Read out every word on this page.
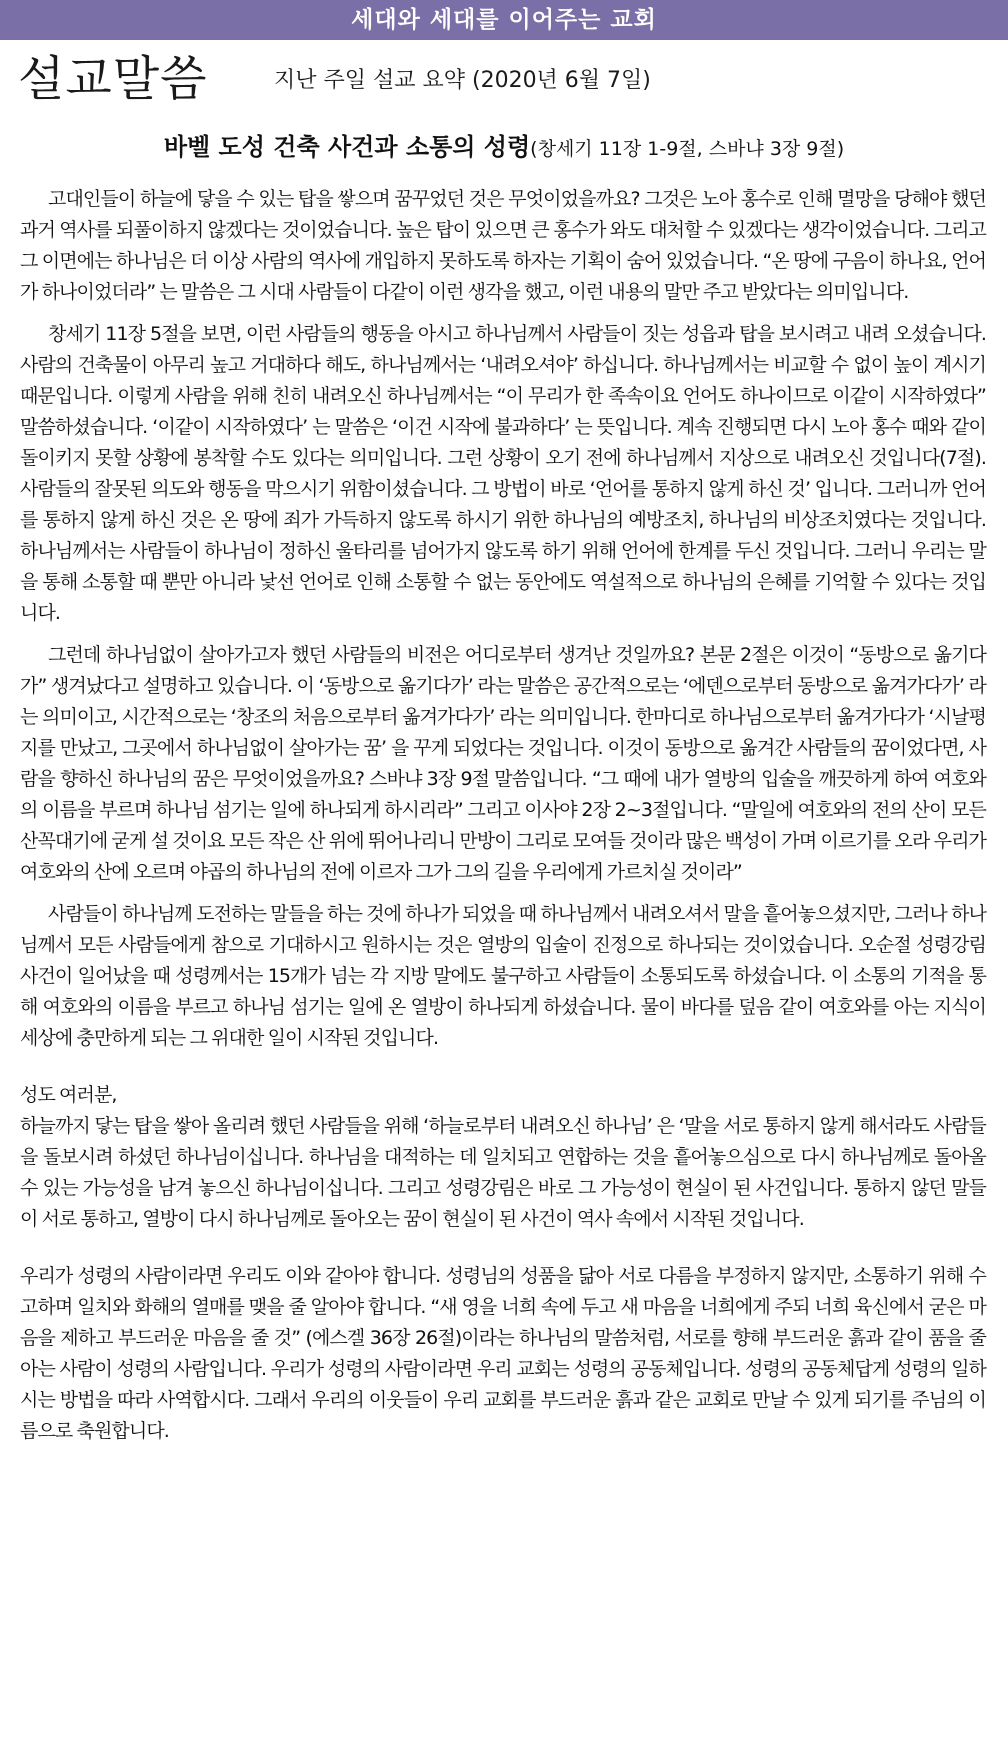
세대와 세대를 이어주는 교회
설교말씀	지난 주일 설교 요약 (2020년 6월 7일)
바벨 도성 건축 사건과 소통의 성령(창세기 11장 1-9절, 스바냐 3장 9절)

고대인들이 하늘에 닿을 수 있는 탑을 쌓으며 꿈꾸었던 것은 무엇이었을까요? 그것은 노아 홍수로 인해 멸망을 당해야 했던 과거 역사를 되풀이하지 않겠다는 것이었습니다. 높은 탑이 있으면 큰 홍수가 와도 대처할 수 있겠다는 생각이었습니다. 그리고 그 이면에는 하나님은 더 이상 사람의 역사에 개입하지 못하도록 하자는 기획이 숨어 있었습니다. “온 땅에 구음이 하나요, 언어가 하나이었더라” 는 말씀은 그 시대 사람들이 다같이 이런 생각을 했고, 이런 내용의 말만 주고 받았다는 의미입니다.

창세기 11장 5절을 보면, 이런 사람들의 행동을 아시고 하나님께서 사람들이 짓는 성읍과 탑을 보시려고 내려 오셨습니다. 사람의 건축물이 아무리 높고 거대하다 해도, 하나님께서는 ‘내려오셔야’ 하십니다. 하나님께서는 비교할 수 없이 높이 계시기 때문입니다. 이렇게 사람을 위해 친히 내려오신 하나님께서는 “이 무리가 한 족속이요 언어도 하나이므로 이같이 시작하였다” 말씀하셨습니다. ‘이같이 시작하였다’ 는 말씀은 ‘이건 시작에 불과하다’ 는 뜻입니다. 계속 진행되면 다시 노아 홍수 때와 같이 돌이키지 못할 상황에 봉착할 수도 있다는 의미입니다. 그런 상황이 오기 전에 하나님께서 지상으로 내려오신 것입니다(7절). 사람들의 잘못된 의도와 행동을 막으시기 위함이셨습니다. 그 방법이 바로 ‘언어를 통하지 않게 하신 것’ 입니다. 그러니까 언어를 통하지 않게 하신 것은 온 땅에 죄가 가득하지 않도록 하시기 위한 하나님의 예방조치, 하나님의 비상조치였다는 것입니다. 하나님께서는 사람들이 하나님이 정하신 울타리를 넘어가지 않도록 하기 위해 언어에 한계를 두신 것입니다. 그러니 우리는 말을 통해 소통할 때 뿐만 아니라 낯선 언어로 인해 소통할 수 없는 동안에도 역설적으로 하나님의 은혜를 기억할 수 있다는 것입니다.

그런데 하나님없이 살아가고자 했던 사람들의 비전은 어디로부터 생겨난 것일까요? 본문 2절은 이것이 “동방으로 옮기다가” 생겨났다고 설명하고 있습니다. 이 ‘동방으로 옮기다가’ 라는 말씀은 공간적으로는 ‘에덴으로부터 동방으로 옮겨가다가’ 라는 의미이고, 시간적으로는 ‘창조의 처음으로부터 옮겨가다가’ 라는 의미입니다. 한마디로 하나님으로부터 옮겨가다가 ‘시날평지를 만났고, 그곳에서 하나님없이 살아가는 꿈’ 을 꾸게 되었다는 것입니다. 이것이 동방으로 옮겨간 사람들의 꿈이었다면, 사람을 향하신 하나님의 꿈은 무엇이었을까요? 스바냐 3장 9절 말씀입니다. “그 때에 내가 열방의 입술을 깨끗하게 하여 여호와의 이름을 부르며 하나님 섬기는 일에 하나되게 하시리라” 그리고 이사야 2장 2~3절입니다. “말일에 여호와의 전의 산이 모든 산꼭대기에 굳게 설 것이요 모든 작은 산 위에 뛰어나리니 만방이 그리로 모여들 것이라 많은 백성이 가며 이르기를 오라 우리가 여호와의 산에 오르며 야곱의 하나님의 전에 이르자 그가 그의 길을 우리에게 가르치실 것이라”

사람들이 하나님께 도전하는 말들을 하는 것에 하나가 되었을 때 하나님께서 내려오셔서 말을 흩어놓으셨지만, 그러나 하나님께서 모든 사람들에게 참으로 기대하시고 원하시는 것은 열방의 입술이 진정으로 하나되는 것이었습니다. 오순절 성령강림사건이 일어났을 때 성령께서는 15개가 넘는 각 지방 말에도 불구하고 사람들이 소통되도록 하셨습니다. 이 소통의 기적을 통해 여호와의 이름을 부르고 하나님 섬기는 일에 온 열방이 하나되게 하셨습니다. 물이 바다를 덮음 같이 여호와를 아는 지식이 세상에 충만하게 되는 그 위대한 일이 시작된 것입니다.

성도 여러분,

하늘까지 닿는 탑을 쌓아 올리려 했던 사람들을 위해 ‘하늘로부터 내려오신 하나님’ 은 ‘말을 서로 통하지 않게 해서라도 사람들을 돌보시려 하셨던 하나님이십니다. 하나님을 대적하는 데 일치되고 연합하는 것을 흩어놓으심으로 다시 하나님께로 돌아올 수 있는 가능성을 남겨 놓으신 하나님이십니다. 그리고 성령강림은 바로 그 가능성이 현실이 된 사건입니다. 통하지 않던 말들이 서로 통하고, 열방이 다시 하나님께로 돌아오는 꿈이 현실이 된 사건이 역사 속에서 시작된 것입니다.

우리가 성령의 사람이라면 우리도 이와 같아야 합니다. 성령님의 성품을 닮아 서로 다름을 부정하지 않지만, 소통하기 위해 수고하며 일치와 화해의 열매를 맺을 줄 알아야 합니다. “새 영을 너희 속에 두고 새 마음을 너희에게 주되 너희 육신에서 굳은 마음을 제하고 부드러운 마음을 줄 것” (에스겔 36장 26절)이라는 하나님의 말씀처럼, 서로를 향해 부드러운 흙과 같이 품을 줄 아는 사람이 성령의 사람입니다. 우리가 성령의 사람이라면 우리 교회는 성령의 공동체입니다. 성령의 공동체답게 성령의 일하시는 방법을 따라 사역합시다. 그래서 우리의 이웃들이 우리 교회를 부드러운 흙과 같은 교회로 만날 수 있게 되기를 주님의 이름으로 축원합니다.
